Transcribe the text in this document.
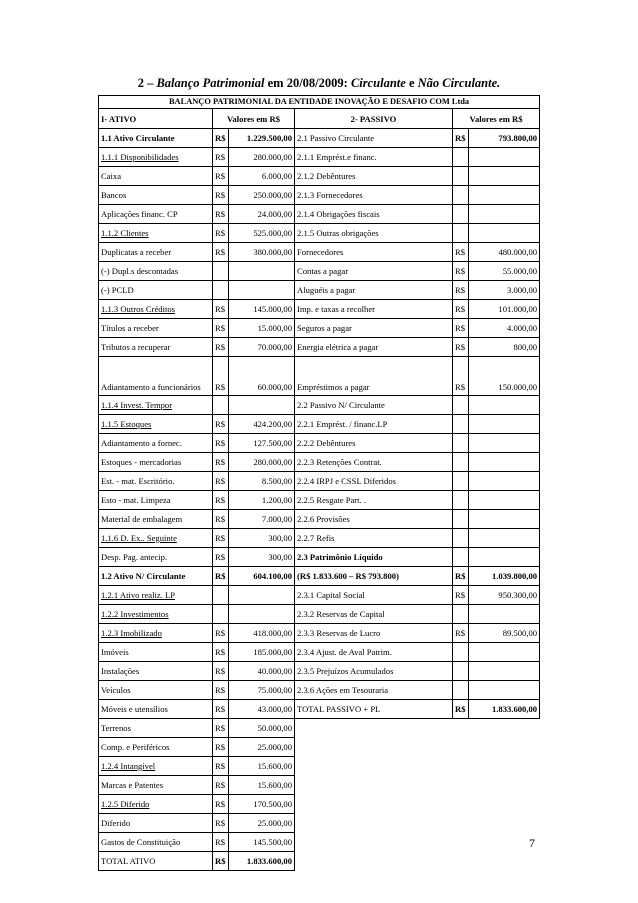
2 – Balanço Patrimonial em 20/08/2009: Circulante e Não Circulante.
BALANÇO PATRIMONIAL DA ENTIDADE INOVAÇÃO E DESAFIO COM Ltda					
I- ATIVO	Valores em R$		2- PASSIVO	Valores em R$	
1.1 Ativo Circulante	R$	1.229.500,00	2.1 Passivo Circulante	R$	793.800,00
1.1.1 Disponibilidades	R$	280.000,00	2.1.1 Emprést.e financ.		
Caixa	R$	6.000,00	2.1.2 Debêntures		
Bancos	R$	250.000,00	2.1.3 Fornecedores		
Aplicações financ. CP	R$	24.000,00	2.1.4 Obrigações fiscais		
1.1.2 Clientes	R$	525.000,00	2.1.5 Outras obrigações		
Duplicatas a receber	R$	380.000,00	Fornecedores	R$	480.000,00
(-) Dupl.s descontadas			Contas a pagar	R$	55.000,00
(-) PCLD			Aluguéis a pagar	R$	3.000,00
1.1.3 Outros Créditos	R$	145.000,00	Imp. e taxas a recolher	R$	101.000,00
Títulos a receber	R$	15.000,00	Seguros a pagar	R$	4.000,00
Tributos a recuperar	R$	70.000,00	Energia elétrica a pagar	R$	800,00
Adiantamento a funcionários	R$	60.000,00	Empréstimos a pagar	R$	150.000,00
1.1.4 Invest. Tempor			2.2 Passivo N/ Circulante		
1.1.5 Estoques	R$	424.200,00	2.2.1 Emprést. / financ.LP		
Adiantamento a fornec.	R$	127.500,00	2.2.2 Debêntures		
Estoques - mercadorias	R$	280.000,00	2.2.3 Retenções Contrat.		
Est. - mat. Escritório.	R$	8.500,00	2.2.4 IRPJ e CSSL Diferidos		
Esto - mat. Limpeza	R$	1.200,00	2.2.5 Resgate Part. .		
Material de embalagem	R$	7.000,00	2.2.6 Provisões		
1.1.6 D. Ex.. Seguinte	R$	300,00	2.2.7 Refis		
Desp. Pag. antecip.	R$	300,00	2.3 Patrimônio Líquido		
1.2 Ativo N/ Circulante	R$	604.100,00	(R$ 1.833.600 – R$ 793.800)	R$	1.039.800,00
1.2.1 Ativo realiz. LP			2.3.1 Capital Social	R$	950.300,00
1.2.2 Investimentos			2.3.2 Reservas de Capital		
1.2.3 Imobilizado	R$	418.000,00	2.3.3 Reservas de Lucro	R$	89.500,00
Imóveis	R$	185.000,00	2.3.4 Ajust. de Aval Patrim.		
Instalações	R$	40.000,00	2.3.5 Prejuízos Acumulados		
Veículos	R$	75.000,00	2.3.6 Ações em Tesouraria		
Móveis e utensílios	R$	43.000,00	TOTAL PASSIVO + PL	R$	1.833.600,00
Terrenos	R$	50.000,00			
Comp. e Periféricos	R$	25.000,00			
1.2.4 Intangível	R$	15.600,00			
Marcas e Patentes	R$	15.600,00			
1.2.5 Diferido	R$	170.500,00			
Diferido	R$	25.000,00			
Gastos de Constituição	R$	145.500,00			
TOTAL ATIVO	R$	1.833.600,00			
7
